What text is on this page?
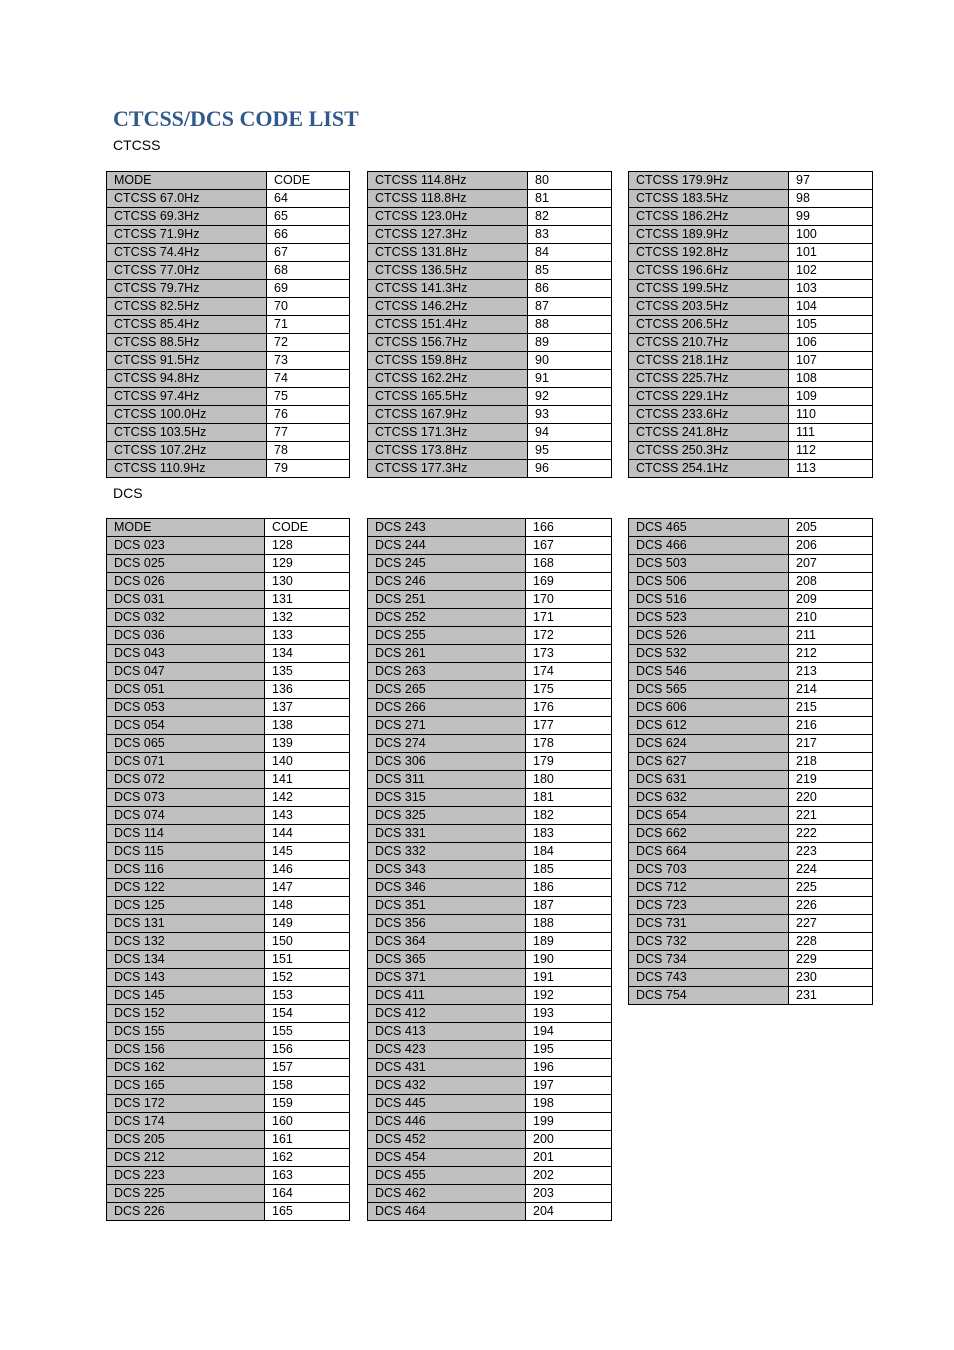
CTCSS/DCS CODE LIST
CTCSS
DCS
MODE	CODE
CTCSS 67.0Hz	64
CTCSS 69.3Hz	65
CTCSS 71.9Hz	66
CTCSS 74.4Hz	67
CTCSS 77.0Hz	68
CTCSS 79.7Hz	69
CTCSS 82.5Hz	70
CTCSS 85.4Hz	71
CTCSS 88.5Hz	72
CTCSS 91.5Hz	73
CTCSS 94.8Hz	74
CTCSS 97.4Hz	75
CTCSS 100.0Hz	76
CTCSS 103.5Hz	77
CTCSS 107.2Hz	78
CTCSS 110.9Hz	79
CTCSS 114.8Hz	80
CTCSS 118.8Hz	81
CTCSS 123.0Hz	82
CTCSS 127.3Hz	83
CTCSS 131.8Hz	84
CTCSS 136.5Hz	85
CTCSS 141.3Hz	86
CTCSS 146.2Hz	87
CTCSS 151.4Hz	88
CTCSS 156.7Hz	89
CTCSS 159.8Hz	90
CTCSS 162.2Hz	91
CTCSS 165.5Hz	92
CTCSS 167.9Hz	93
CTCSS 171.3Hz	94
CTCSS 173.8Hz	95
CTCSS 177.3Hz	96
CTCSS 179.9Hz	97
CTCSS 183.5Hz	98
CTCSS 186.2Hz	99
CTCSS 189.9Hz	100
CTCSS 192.8Hz	101
CTCSS 196.6Hz	102
CTCSS 199.5Hz	103
CTCSS 203.5Hz	104
CTCSS 206.5Hz	105
CTCSS 210.7Hz	106
CTCSS 218.1Hz	107
CTCSS 225.7Hz	108
CTCSS 229.1Hz	109
CTCSS 233.6Hz	110
CTCSS 241.8Hz	111
CTCSS 250.3Hz	112
CTCSS 254.1Hz	113
MODE	CODE
DCS 023	128
DCS 025	129
DCS 026	130
DCS 031	131
DCS 032	132
DCS 036	133
DCS 043	134
DCS 047	135
DCS 051	136
DCS 053	137
DCS 054	138
DCS 065	139
DCS 071	140
DCS 072	141
DCS 073	142
DCS 074	143
DCS 114	144
DCS 115	145
DCS 116	146
DCS 122	147
DCS 125	148
DCS 131	149
DCS 132	150
DCS 134	151
DCS 143	152
DCS 145	153
DCS 152	154
DCS 155	155
DCS 156	156
DCS 162	157
DCS 165	158
DCS 172	159
DCS 174	160
DCS 205	161
DCS 212	162
DCS 223	163
DCS 225	164
DCS 226	165
DCS 243	166
DCS 244	167
DCS 245	168
DCS 246	169
DCS 251	170
DCS 252	171
DCS 255	172
DCS 261	173
DCS 263	174
DCS 265	175
DCS 266	176
DCS 271	177
DCS 274	178
DCS 306	179
DCS 311	180
DCS 315	181
DCS 325	182
DCS 331	183
DCS 332	184
DCS 343	185
DCS 346	186
DCS 351	187
DCS 356	188
DCS 364	189
DCS 365	190
DCS 371	191
DCS 411	192
DCS 412	193
DCS 413	194
DCS 423	195
DCS 431	196
DCS 432	197
DCS 445	198
DCS 446	199
DCS 452	200
DCS 454	201
DCS 455	202
DCS 462	203
DCS 464	204
DCS 465	205
DCS 466	206
DCS 503	207
DCS 506	208
DCS 516	209
DCS 523	210
DCS 526	211
DCS 532	212
DCS 546	213
DCS 565	214
DCS 606	215
DCS 612	216
DCS 624	217
DCS 627	218
DCS 631	219
DCS 632	220
DCS 654	221
DCS 662	222
DCS 664	223
DCS 703	224
DCS 712	225
DCS 723	226
DCS 731	227
DCS 732	228
DCS 734	229
DCS 743	230
DCS 754	231
